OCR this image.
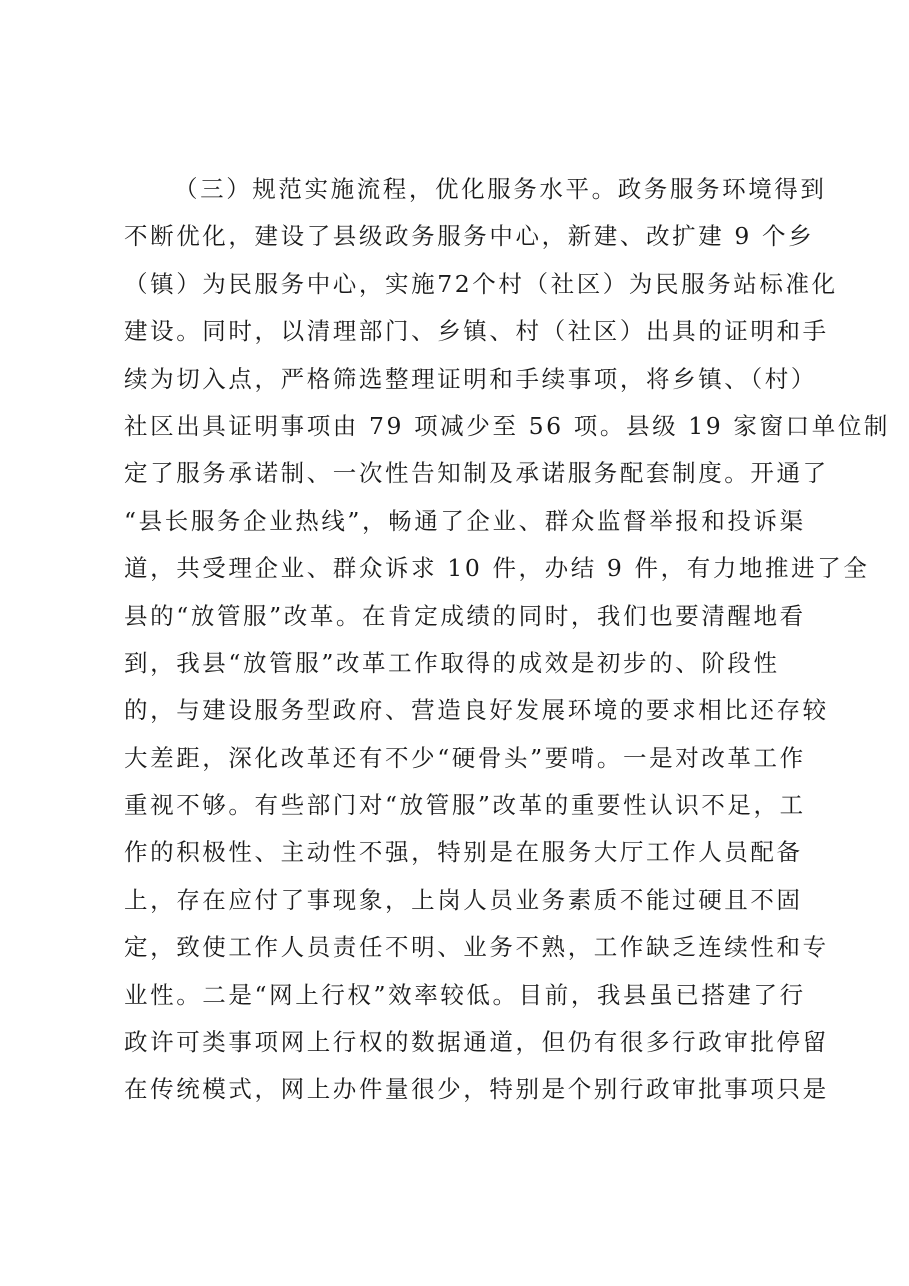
（三）规范实施流程，优化服务水平。政务服务环境得到
不断优化，建设了县级政务服务中心，新建、改扩建 9 个乡
（镇）为民服务中心，实施72个村（社区）为民服务站标准化
建设。同时，以清理部门、乡镇、村（社区）出具的证明和手
续为切入点，严格筛选整理证明和手续事项，将乡镇、（村）
社区出具证明事项由 79 项减少至 56 项。县级 19 家窗口单位制
定了服务承诺制、一次性告知制及承诺服务配套制度。开通了
“县长服务企业热线”，畅通了企业、群众监督举报和投诉渠
道，共受理企业、群众诉求 10 件，办结 9 件，有力地推进了全
县的“放管服”改革。在肯定成绩的同时，我们也要清醒地看
到，我县“放管服”改革工作取得的成效是初步的、阶段性
的，与建设服务型政府、营造良好发展环境的要求相比还存较
大差距，深化改革还有不少“硬骨头”要啃。一是对改革工作
重视不够。有些部门对“放管服”改革的重要性认识不足，工
作的积极性、主动性不强，特别是在服务大厅工作人员配备
上，存在应付了事现象，上岗人员业务素质不能过硬且不固
定，致使工作人员责任不明、业务不熟，工作缺乏连续性和专
业性。二是“网上行权”效率较低。目前，我县虽已搭建了行
政许可类事项网上行权的数据通道，但仍有很多行政审批停留
在传统模式，网上办件量很少，特别是个别行政审批事项只是
